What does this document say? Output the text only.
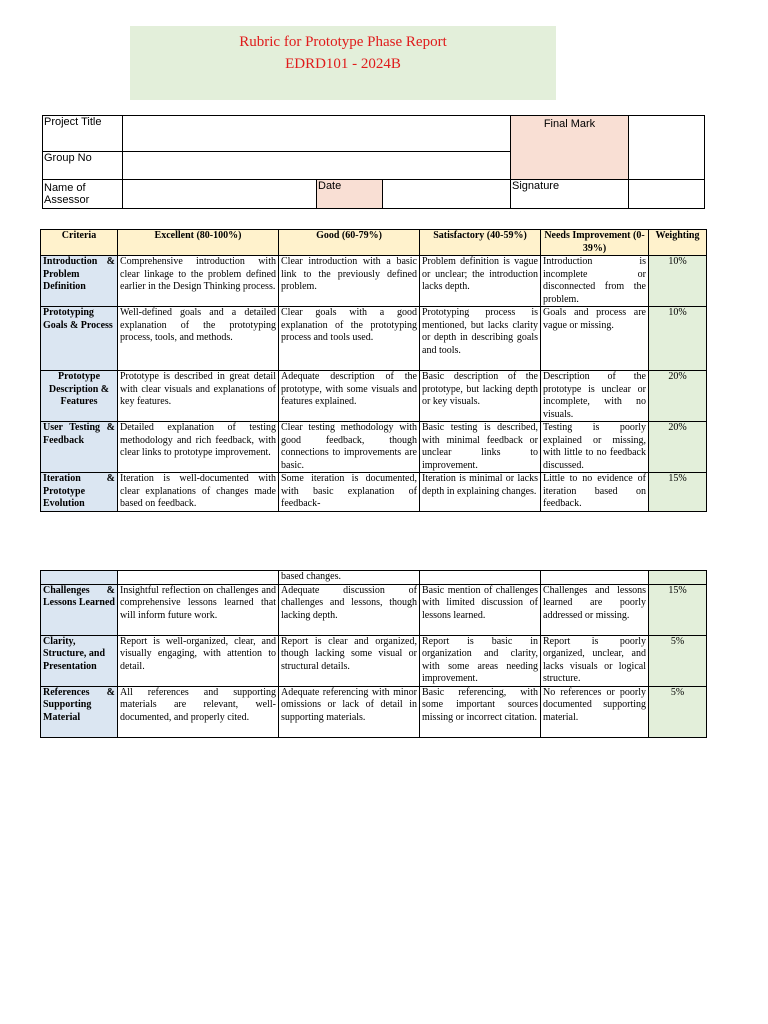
Rubric for Prototype Phase Report
EDRD101 - 2024B
Project Title				Final Mark	
Group No					
Name of Assessor		Date		Signature	
Criteria	Excellent (80-100%)	Good (60-79%)	Satisfactory (40-59%)	Needs Improvement (0-39%)	Weighting
Introduction & Problem Definition	Comprehensive introduction with clear linkage to the problem defined earlier in the Design Thinking process.	Clear introduction with a basic link to the previously defined problem.	Problem definition is vague or unclear; the introduction lacks depth.	Introduction is incomplete or disconnected from the problem.	10%
Prototyping Goals & Process	Well-defined goals and a detailed explanation of the prototyping process, tools, and methods.	Clear goals with a good explanation of the prototyping process and tools used.	Prototyping process is mentioned, but lacks clarity or depth in describing goals and tools.	Goals and process are vague or missing.	10%
Prototype Description & Features	Prototype is described in great detail with clear visuals and explanations of key features.	Adequate description of the prototype, with some visuals and features explained.	Basic description of the prototype, but lacking depth or key visuals.	Description of the prototype is unclear or incomplete, with no visuals.	20%
User Testing & Feedback	Detailed explanation of testing methodology and rich feedback, with clear links to prototype improvement.	Clear testing methodology with good feedback, though connections to improvements are basic.	Basic testing is described, with minimal feedback or unclear links to improvement.	Testing is poorly explained or missing, with little to no feedback discussed.	20%
Iteration & Prototype Evolution	Iteration is well-documented with clear explanations of changes made based on feedback.	Some iteration is documented, with basic explanation of feedback-	Iteration is minimal or lacks depth in explaining changes.	Little to no evidence of iteration based on feedback.	15%
		based changes.			
Challenges & Lessons Learned	Insightful reflection on challenges and comprehensive lessons learned that will inform future work.	Adequate discussion of challenges and lessons, though lacking depth.	Basic mention of challenges with limited discussion of lessons learned.	Challenges and lessons learned are poorly addressed or missing.	15%
Clarity, Structure, and Presentation	Report is well-organized, clear, and visually engaging, with attention to detail.	Report is clear and organized, though lacking some visual or structural details.	Report is basic in organization and clarity, with some areas needing improvement.	Report is poorly organized, unclear, and lacks visuals or logical structure.	5%
References & Supporting Material	All references and supporting materials are relevant, well-documented, and properly cited.	Adequate referencing with minor omissions or lack of detail in supporting materials.	Basic referencing, with some important sources missing or incorrect citation.	No references or poorly documented supporting material.	5%
